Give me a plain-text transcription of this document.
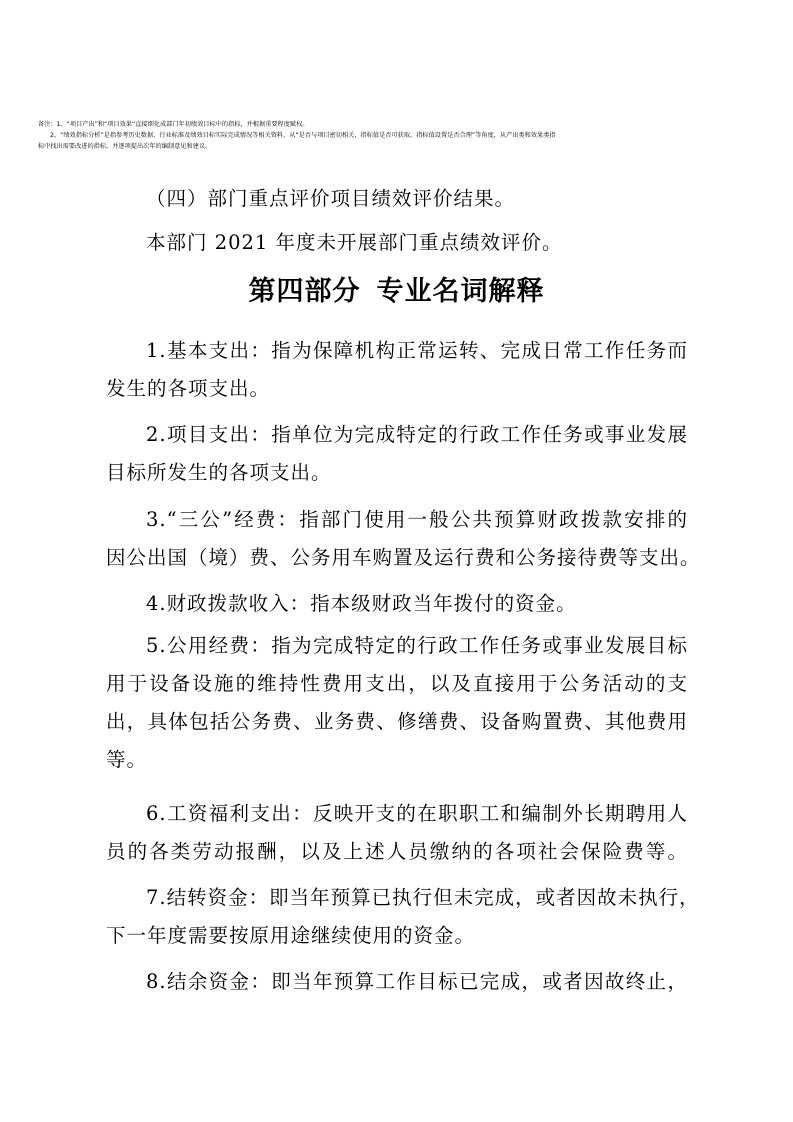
备注：1、“项目产出”和“项目效果”直接细化成部门年初绩效目标中的指标，并根据重要程度赋权。
2、“绩效指标分析”是指参考历史数据、行业标准及绩效目标实际完成情况等相关资料，从“是否与项目密切相关，指标值是否可获取，指标值设置是否合理”等角度，从产出类和效果类指
标中找出需要改进的指标，并逐项提出次年的编制意见和建议。
（四）部门重点评价项目绩效评价结果。
本部门 2021 年度未开展部门重点绩效评价。
第四部分 专业名词解释
1.基本支出：指为保障机构正常运转、完成日常工作任务而
发生的各项支出。
2.项目支出：指单位为完成特定的行政工作任务或事业发展
目标所发生的各项支出。
3.“三公”经费：指部门使用一般公共预算财政拨款安排的
因公出国（境）费、公务用车购置及运行费和公务接待费等支出。
4.财政拨款收入：指本级财政当年拨付的资金。
5.公用经费：指为完成特定的行政工作任务或事业发展目标
用于设备设施的维持性费用支出，以及直接用于公务活动的支
出，具体包括公务费、业务费、修缮费、设备购置费、其他费用
等。
6.工资福利支出：反映开支的在职职工和编制外长期聘用人
员的各类劳动报酬，以及上述人员缴纳的各项社会保险费等。
7.结转资金：即当年预算已执行但未完成，或者因故未执行，
下一年度需要按原用途继续使用的资金。
8.结余资金：即当年预算工作目标已完成，或者因故终止，
